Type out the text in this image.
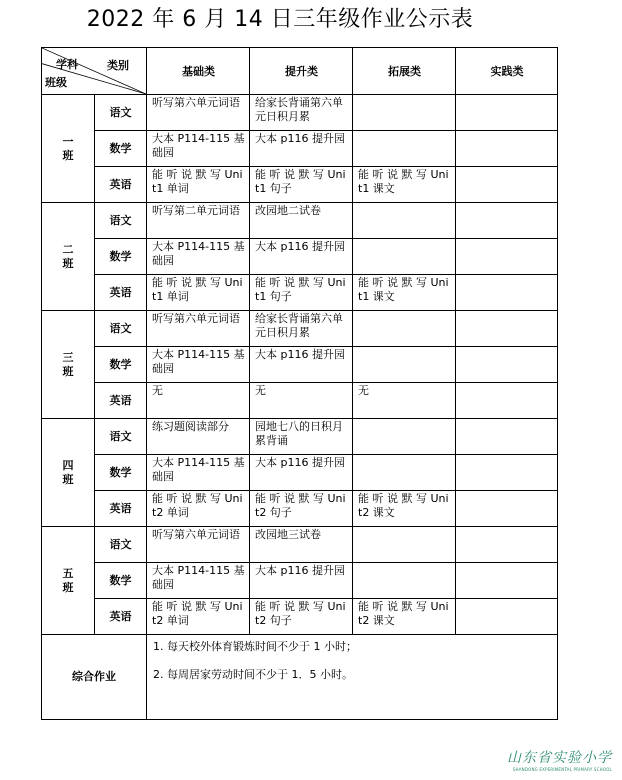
2022 年 6 月 14 日三年级作业公示表
学科 类别
班级		基础类	提升类	拓展类	实践类

一班	语文	听写第六单元词语	给家长背诵第六单元日积月累		
	数学	大本 P114-115 基础园	大本 p116 提升园		
	英语	能 听 说 默 写 Unit1 单词	能 听 说 默 写 Unit1 句子	能 听 说 默 写 Unit1 课文	

二班	语文	听写第二单元词语	改园地二试卷		
	数学	大本 P114-115 基础园	大本 p116 提升园		
	英语	能 听 说 默 写 Unit1 单词	能 听 说 默 写 Unit1 句子	能 听 说 默 写 Unit1 课文	

三班	语文	听写第六单元词语	给家长背诵第六单元日积月累		
	数学	大本 P114-115 基础园	大本 p116 提升园		
	英语	无	无	无	

四班	语文	练习题阅读部分	园地七八的日积月累背诵		
	数学	大本 P114-115 基础园	大本 p116 提升园		
	英语	能 听 说 默 写 Unit2 单词	能 听 说 默 写 Unit2 句子	能 听 说 默 写 Unit2 课文	

五班	语文	听写第六单元词语	改园地三试卷		
	数学	大本 P114-115 基础园	大本 p116 提升园		
	英语	能 听 说 默 写 Unit2 单词	能 听 说 默 写 Unit2 句子	能 听 说 默 写 Unit2 课文	
综合作业		1. 每天校外体育锻炼时间不少于 1 小时；
2. 每周居家劳动时间不少于 1．5 小时。			
山东省实验小学
SHANDONG EXPERIMENTAL PRIMARY SCHOOL
